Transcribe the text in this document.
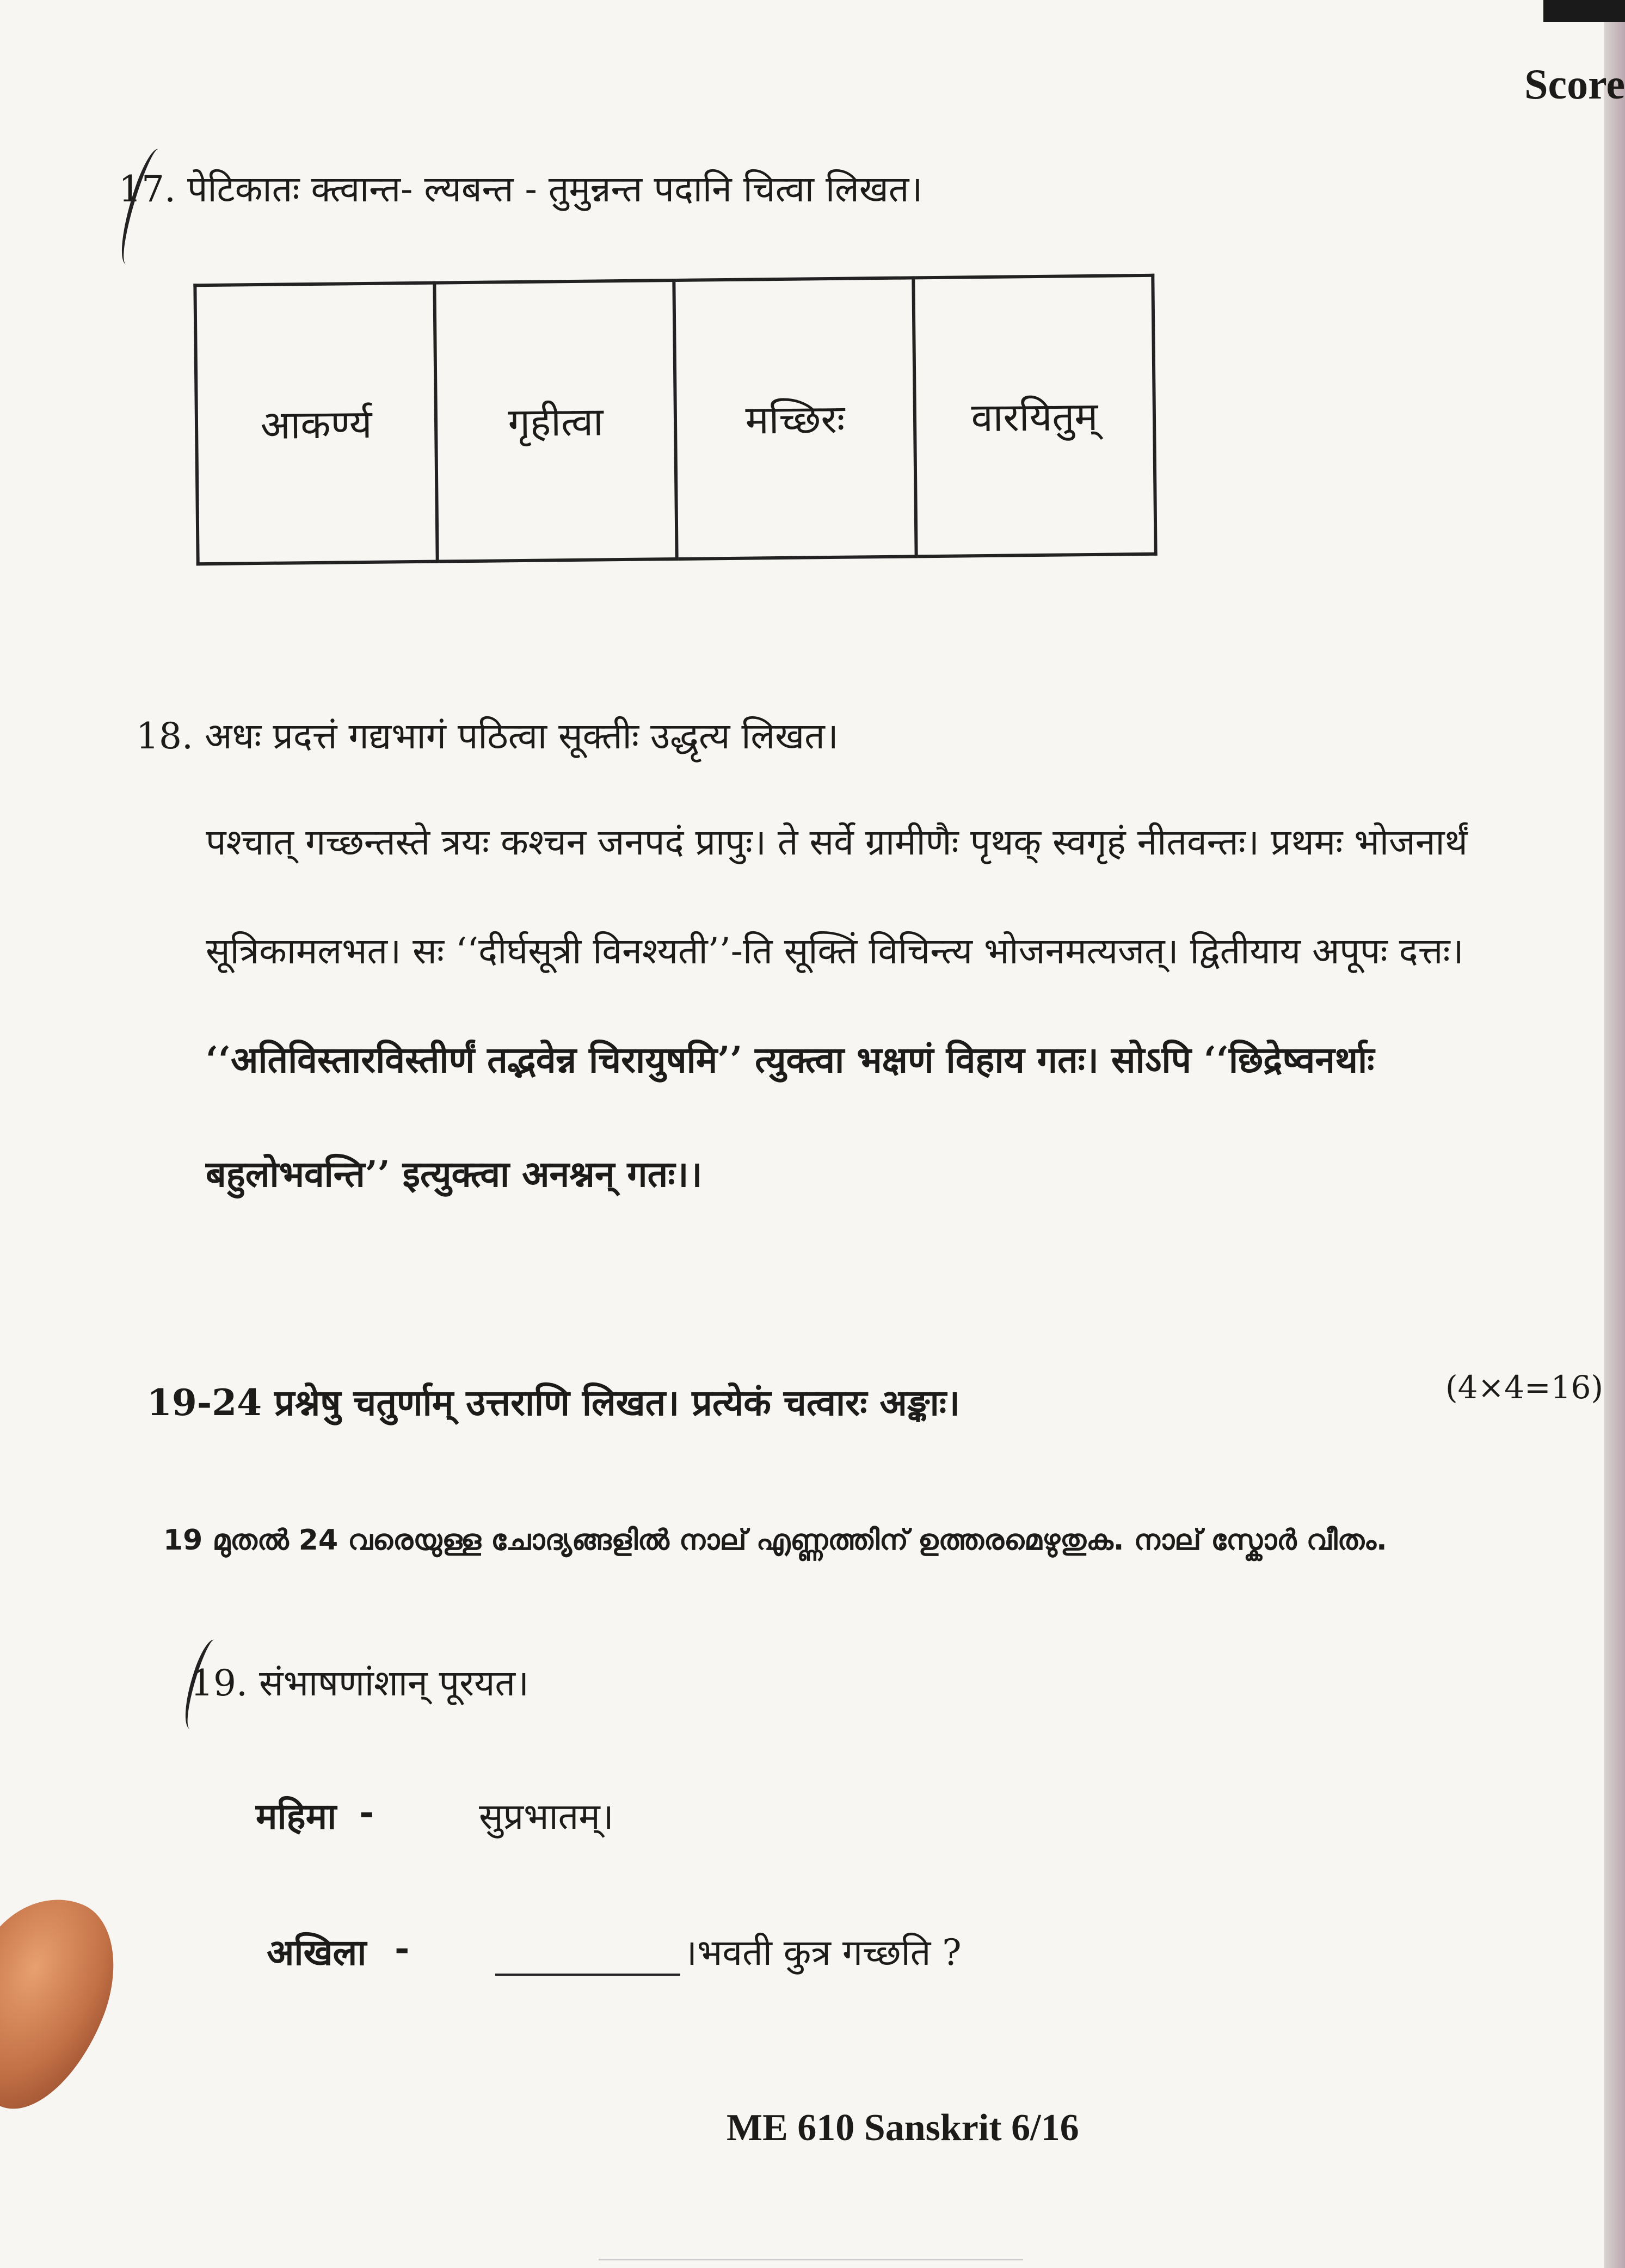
Score
17. पेटिकातः क्त्वान्त- ल्यबन्त - तुमुन्नन्त पदानि चित्वा लिखत।
आकर्ण्य	गृहीत्वा	मच्छिरः	वारयितुम्
18. अधः प्रदत्तं गद्यभागं पठित्वा सूक्तीः उद्धृत्य लिखत।
पश्चात् गच्छन्तस्ते त्रयः कश्चन जनपदं प्रापुः। ते सर्वे ग्रामीणैः पृथक् स्वगृहं नीतवन्तः। प्रथमः भोजनार्थं
सूत्रिकामलभत। सः ‘‘दीर्घसूत्री विनश्यती’’-ति सूक्तिं विचिन्त्य भोजनमत्यजत्। द्वितीयाय अपूपः दत्तः।
‘‘अतिविस्तारविस्तीर्णं तद्भवेन्न चिरायुषमि’’ त्युक्त्वा भक्षणं विहाय गतः। सोऽपि ‘‘छिद्रेष्वनर्थाः
बहुलोभवन्ति’’ इत्युक्त्वा अनश्नन् गतः।।
19-24 प्रश्नेषु चतुर्णाम् उत्तराणि लिखत। प्रत्येकं चत्वारः अङ्काः।	(4×4=16)
19 മുതൽ 24 വരെയുള്ള ചോദ്യങ്ങളിൽ നാല് എണ്ണത്തിന് ഉത്തരമെഴുതുക. നാല് സ്കോർ വീതം.
19. संभाषणांशान् पूरयत।
महिमा -	सुप्रभातम्।
अखिला -	।भवती कुत्र गच्छति ?
ME 610 Sanskrit 6/16
